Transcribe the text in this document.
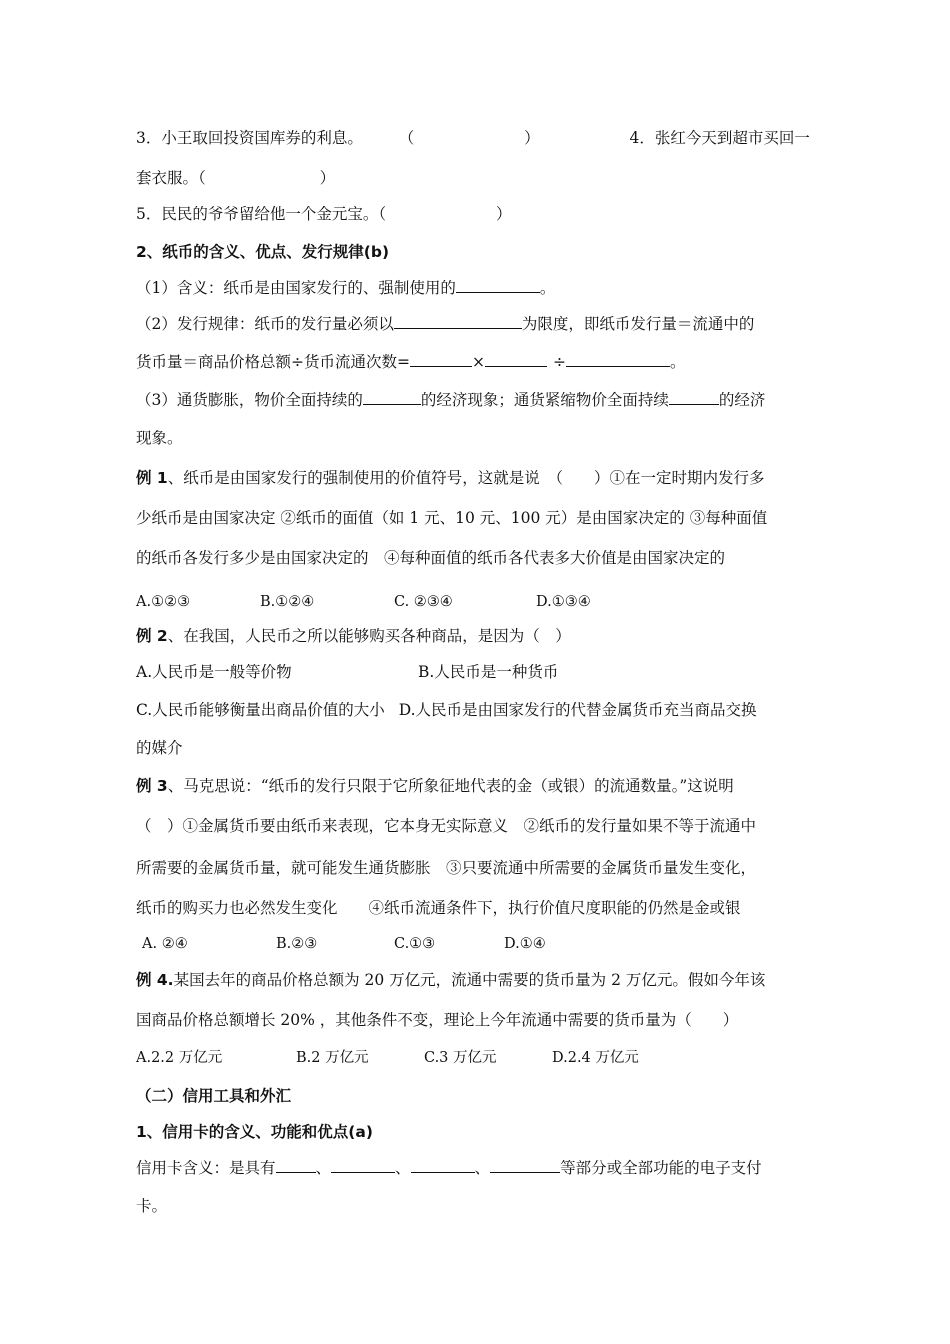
3．小王取回投资国库券的利息。 （	）	4．张红今天到超市买回一
套衣服。（	）
5．民民的爷爷留给他一个金元宝。（	）
2、纸币的含义、优点、发行规律(b)
（1）含义：纸币是由国家发行的、强制使用的	。
（2）发行规律：纸币的发行量必须以	为限度，即纸币发行量＝流通中的
货币量＝商品价格总额÷货币流通次数=	×	÷	。
（3）通货膨胀，物价全面持续的	的经济现象；通货紧缩物价全面持续	的经济
现象。
例 1、纸币是由国家发行的强制使用的价值符号，这就是说　（　　）①在一定时期内发行多
少纸币是由国家决定 ②纸币的面值（如 1 元、10 元、100 元）是由国家决定的 ③每种面值
的纸币各发行多少是由国家决定的　④每种面值的纸币各代表多大价值是由国家决定的
A.①②③	B.①②④	C. ②③④	D.①③④
例 2、在我国，人民币之所以能够购买各种商品，是因为（　）
A.人民币是一般等价物	B.人民币是一种货币
C.人民币能够衡量出商品价值的大小 D.人民币是由国家发行的代替金属货币充当商品交换
的媒介
例 3、马克思说：“纸币的发行只限于它所象征地代表的金（或银）的流通数量。”这说明
（　）①金属货币要由纸币来表现，它本身无实际意义　②纸币的发行量如果不等于流通中
所需要的金属货币量，就可能发生通货膨胀　③只要流通中所需要的金属货币量发生变化，
纸币的购买力也必然发生变化　　④纸币流通条件下，执行价值尺度职能的仍然是金或银
A. ②④	B.②③	C.①③	D.①④
例 4.某国去年的商品价格总额为 20 万亿元，流通中需要的货币量为 2 万亿元。假如今年该
国商品价格总额增长 20% ，其他条件不变，理论上今年流通中需要的货币量为（　　）
A.2.2 万亿元	B.2 万亿元	C.3 万亿元	D.2.4 万亿元
（二）信用工具和外汇
1、信用卡的含义、功能和优点(a)
信用卡含义：是具有	、	、	、	等部分或全部功能的电子支付
卡。
